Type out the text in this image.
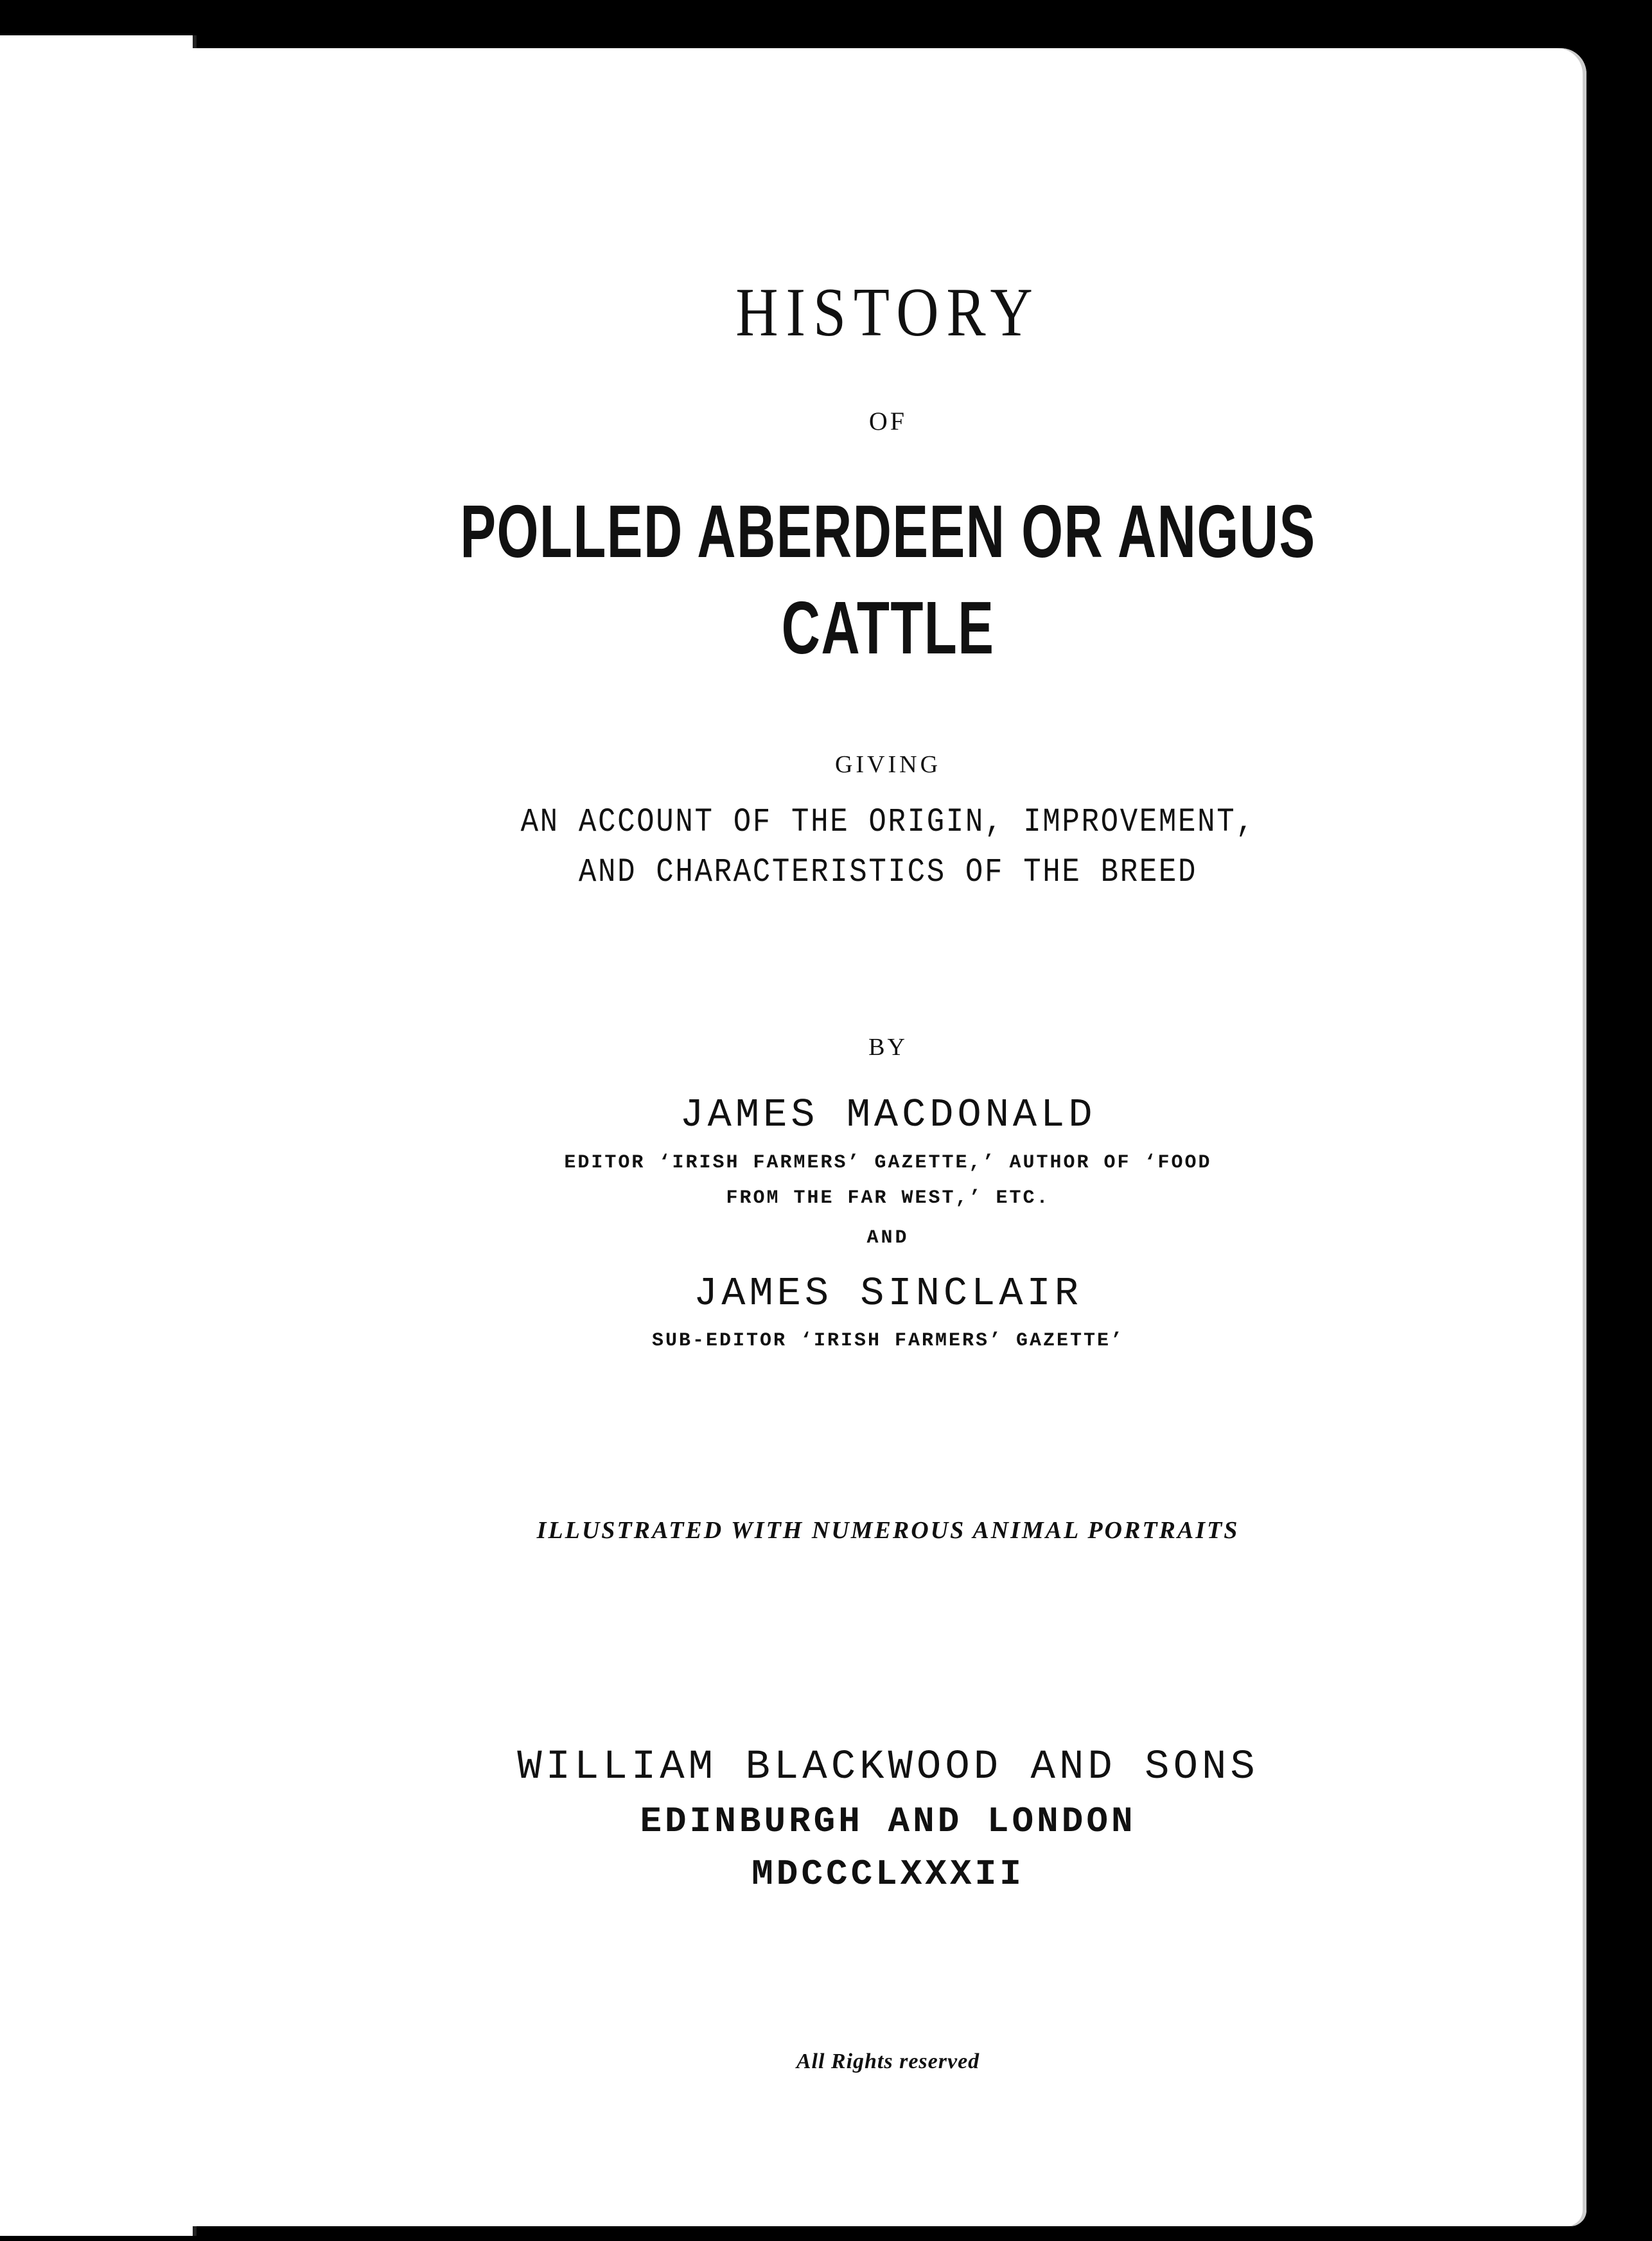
HISTORY
OF
POLLED ABERDEEN OR ANGUS
CATTLE
GIVING
AN ACCOUNT OF THE ORIGIN, IMPROVEMENT,
AND CHARACTERISTICS OF THE BREED
BY
JAMES MACDONALD
EDITOR ‘IRISH FARMERS’ GAZETTE,’ AUTHOR OF ‘FOOD
FROM THE FAR WEST,’ ETC.
AND
JAMES SINCLAIR
SUB-EDITOR ‘IRISH FARMERS’ GAZETTE’
ILLUSTRATED WITH NUMEROUS ANIMAL PORTRAITS
WILLIAM BLACKWOOD AND SONS
EDINBURGH AND LONDON
MDCCCLXXXII
All Rights reserved
